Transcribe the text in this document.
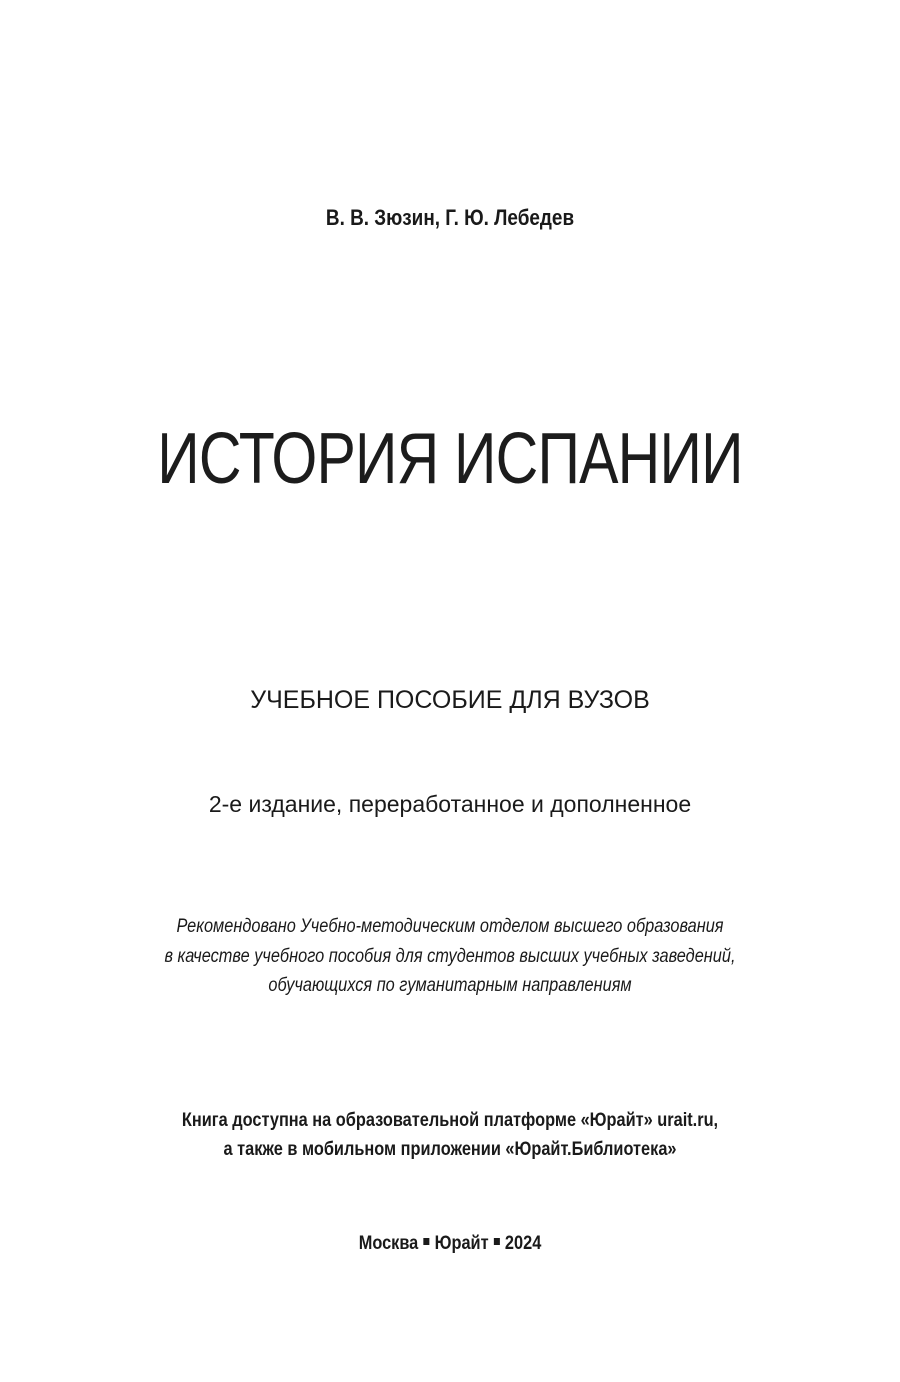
В. В. Зюзин, Г. Ю. Лебедев
ИСТОРИЯ ИСПАНИИ
УЧЕБНОЕ ПОСОБИЕ ДЛЯ ВУЗОВ
2-е издание, переработанное и дополненное
Рекомендовано Учебно-методическим отделом высшего образования
в качестве учебного пособия для студентов высших учебных заведений,
обучающихся по гуманитарным направлениям
Книга доступна на образовательной платформе «Юрайт» urait.ru,
а также в мобильном приложении «Юрайт.Библиотека»
Москва Юрайт 2024
